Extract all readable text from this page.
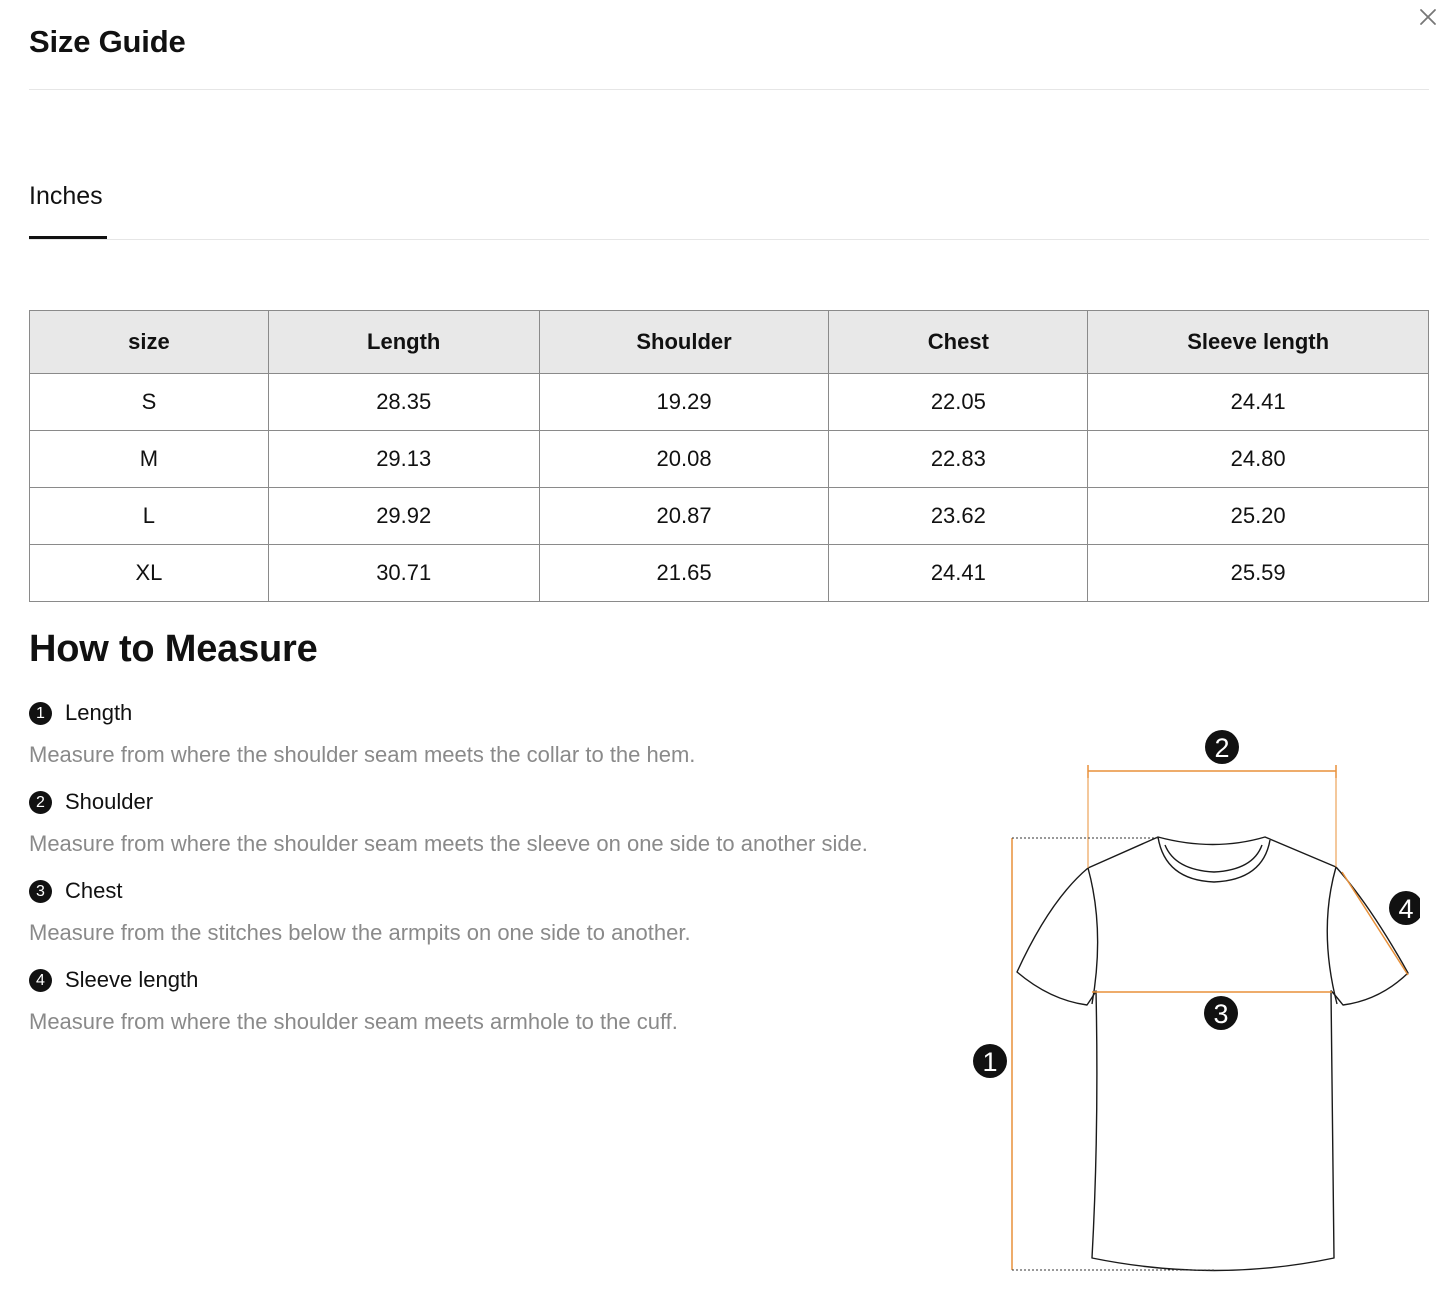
Size Guide
Inches
size	Length	Shoulder	Chest	Sleeve length
S	28.35	19.29	22.05	24.41
M	29.13	20.08	22.83	24.80
L	29.92	20.87	23.62	25.20
XL	30.71	21.65	24.41	25.59
How to Measure
1 Length
Measure from where the shoulder seam meets the collar to the hem.
2 Shoulder
Measure from where the shoulder seam meets the sleeve on one side to another side.
3 Chest
Measure from the stitches below the armpits on one side to another.
4 Sleeve length
Measure from where the shoulder seam meets armhole to the cuff.
1
2
3
4
